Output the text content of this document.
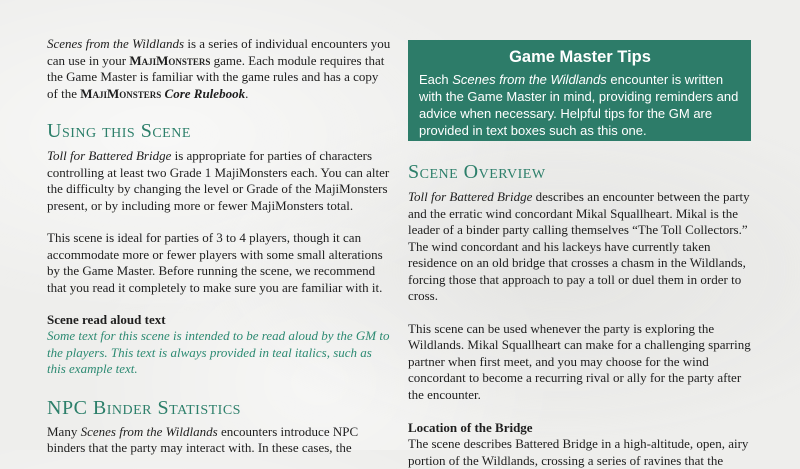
Scenes from the Wildlands is a series of individual encounters you can use in your MajiMonsters game. Each module requires that the Game Master is familiar with the game rules and has a copy of the MajiMonsters Core Rulebook.

Using this Scene

Toll for Battered Bridge is appropriate for parties of characters controlling at least two Grade 1 MajiMonsters each. You can alter the difficulty by changing the level or Grade of the MajiMonsters present, or by including more or fewer MajiMonsters total.

This scene is ideal for parties of 3 to 4 players, though it can accommodate more or fewer players with some small alterations by the Game Master. Before running the scene, we recommend that you read it completely to make sure you are familiar with it.

Scene read aloud text

Some text for this scene is intended to be read aloud by the GM to the players. This text is always provided in teal italics, such as this example text.

NPC Binder Statistics

Many Scenes from the Wildlands encounters introduce NPC binders that the party may interact with. In these cases, the

Game Master Tips
Each Scenes from the Wildlands encounter is written with the Game Master in mind, providing reminders and advice when necessary. Helpful tips for the GM are provided in text boxes such as this one.
Scene Overview

Toll for Battered Bridge describes an encounter between the party and the erratic wind concordant Mikal Squallheart. Mikal is the leader of a binder party calling themselves “The Toll Collectors.” The wind concordant and his lackeys have currently taken residence on an old bridge that crosses a chasm in the Wildlands, forcing those that approach to pay a toll or duel them in order to cross.

This scene can be used whenever the party is exploring the Wildlands. Mikal Squallheart can make for a challenging sparring partner when first meet, and you may choose for the wind concordant to become a recurring rival or ally for the party after the encounter.

Location of the Bridge

The scene describes Battered Bridge in a high-altitude, open, airy portion of the Wildlands, crossing a series of ravines that the
